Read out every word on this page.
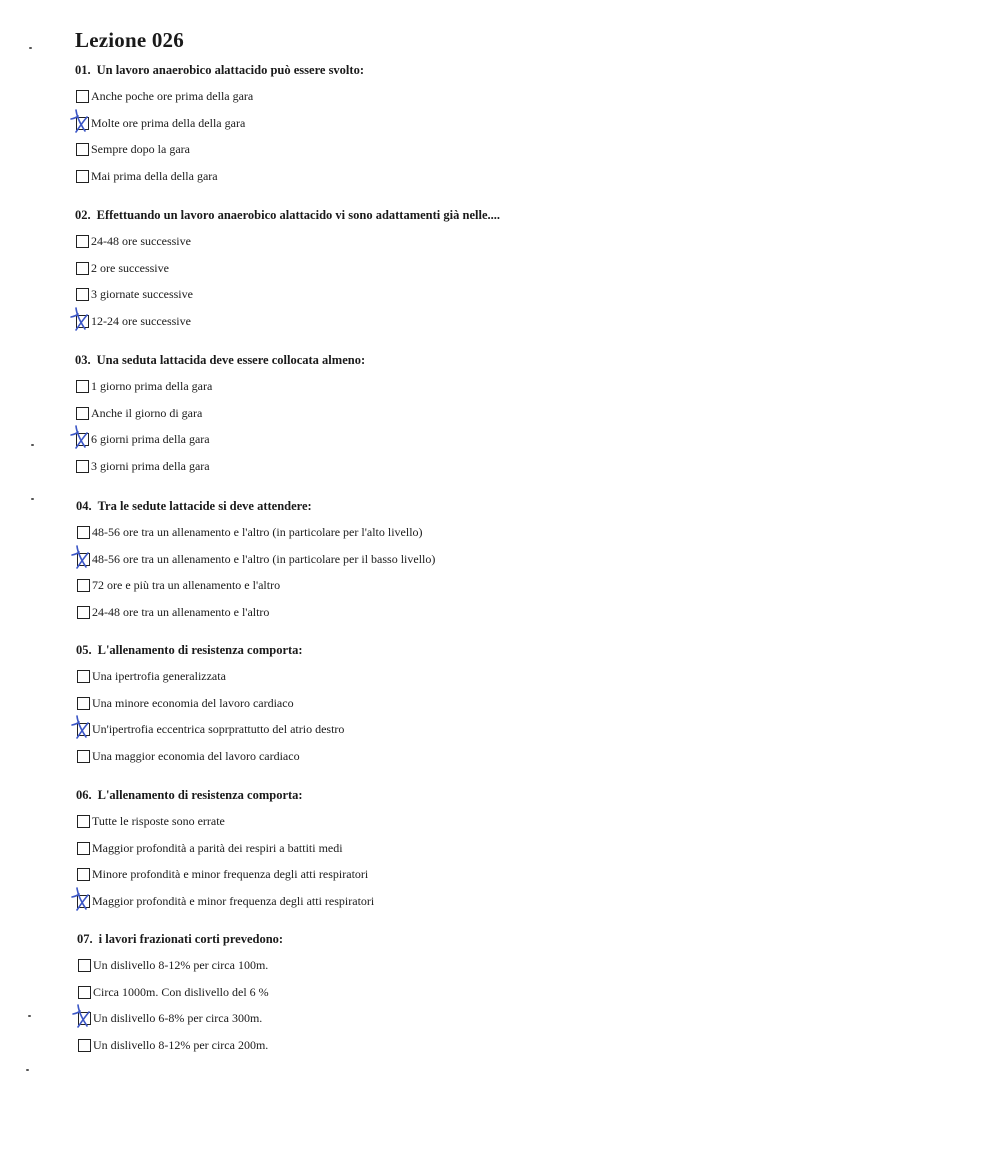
Lezione 026
01. Un lavoro anaerobico alattacido può essere svolto:
Anche poche ore prima della gara
Molte ore prima della della gara
Sempre dopo la gara
Mai prima della della gara
02. Effettuando un lavoro anaerobico alattacido vi sono adattamenti già nelle....
24-48 ore successive
2 ore successive
3 giornate successive
12-24 ore successive
03. Una seduta lattacida deve essere collocata almeno:
1 giorno prima della gara
Anche il giorno di gara
6 giorni prima della gara
3 giorni prima della gara
04. Tra le sedute lattacide si deve attendere:
48-56 ore tra un allenamento e l'altro (in particolare per l'alto livello)
48-56 ore tra un allenamento e l'altro (in particolare per il basso livello)
72 ore e più tra un allenamento e l'altro
24-48 ore tra un allenamento e l'altro
05. L'allenamento di resistenza comporta:
Una ipertrofia generalizzata
Una minore economia del lavoro cardiaco
Un'ipertrofia eccentrica soprprattutto del atrio destro
Una maggior economia del lavoro cardiaco
06. L'allenamento di resistenza comporta:
Tutte le risposte sono errate
Maggior profondità a parità dei respiri a battiti medi
Minore profondità e minor frequenza degli atti respiratori
Maggior profondità e minor frequenza degli atti respiratori
07. i lavori frazionati corti prevedono:
Un dislivello 8-12% per circa 100m.
Circa 1000m. Con dislivello del 6 %
Un dislivello 6-8% per circa 300m.
Un dislivello 8-12% per circa 200m.
